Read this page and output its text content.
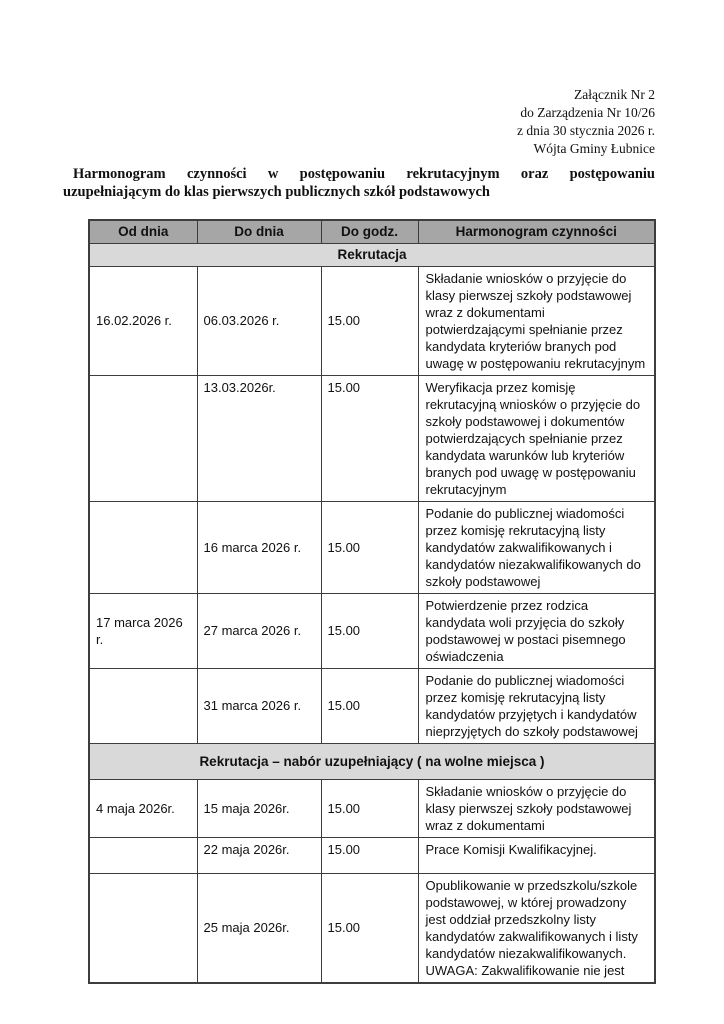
Załącznik Nr 2
do Zarządzenia Nr 10/26
z dnia 30 stycznia 2026 r.
Wójta Gminy Łubnice
Harmonogram czynności w postępowaniu rekrutacyjnym oraz postępowaniu
uzupełniającym do klas pierwszych publicznych szkół podstawowych
Od dnia	Do dnia	Do godz.	Harmonogram czynności
Rekrutacja			
16.02.2026 r.	06.03.2026 r.	15.00	Składanie wniosków o przyjęcie do klasy pierwszej szkoły podstawowej wraz z dokumentami potwierdzającymi spełnianie przez kandydata kryteriów branych pod uwagę w postępowaniu rekrutacyjnym
	13.03.2026r.	15.00	Weryfikacja przez komisję rekrutacyjną wniosków o przyjęcie do szkoły podstawowej i dokumentów potwierdzających spełnianie przez kandydata warunków lub kryteriów branych pod uwagę w postępowaniu rekrutacyjnym
	16 marca 2026 r.	15.00	Podanie do publicznej wiadomości przez komisję rekrutacyjną listy kandydatów zakwalifikowanych i kandydatów niezakwalifikowanych do szkoły podstawowej
17 marca 2026 r.	27 marca 2026 r.	15.00	Potwierdzenie przez rodzica kandydata woli przyjęcia do szkoły podstawowej w postaci pisemnego oświadczenia
	31 marca 2026 r.	15.00	Podanie do publicznej wiadomości przez komisję rekrutacyjną listy kandydatów przyjętych i kandydatów nieprzyjętych do szkoły podstawowej
Rekrutacja – nabór uzupełniający ( na wolne miejsca )			
4 maja 2026r.	15 maja 2026r.	15.00	Składanie wniosków o przyjęcie do klasy pierwszej szkoły podstawowej wraz z dokumentami
	22 maja 2026r.	15.00	Prace Komisji Kwalifikacyjnej.
	25 maja 2026r.	15.00	Opublikowanie w przedszkolu/szkole podstawowej, w której prowadzony jest oddział przedszkolny listy kandydatów zakwalifikowanych i listy kandydatów niezakwalifikowanych. UWAGA: Zakwalifikowanie nie jest
